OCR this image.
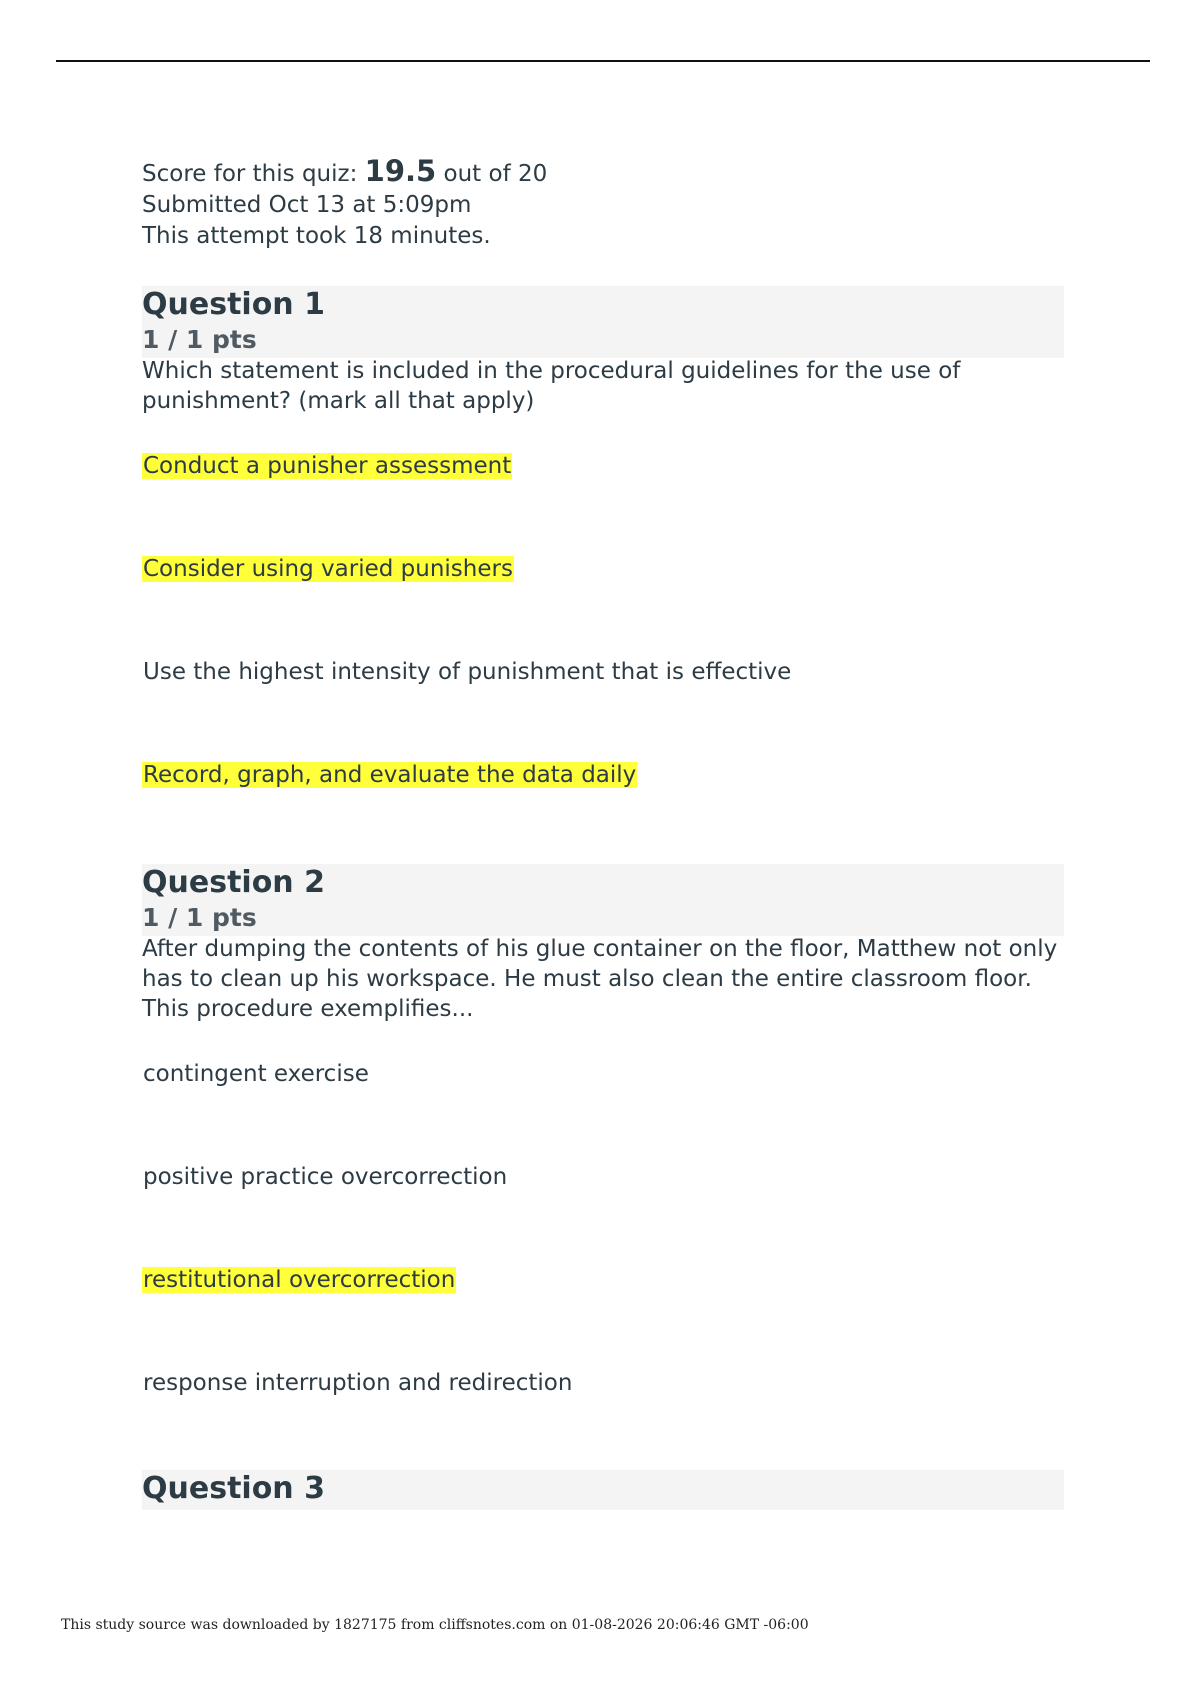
Score for this quiz: 19.5 out of 20
Submitted Oct 13 at 5:09pm
This attempt took 18 minutes.
Question 1
1 / 1 pts
Which statement is included in the procedural guidelines for the use of punishment? (mark all that apply)
Conduct a punisher assessment
Consider using varied punishers
Use the highest intensity of punishment that is effective
Record, graph, and evaluate the data daily
Question 2
1 / 1 pts
After dumping the contents of his glue container on the floor, Matthew not only has to clean up his workspace. He must also clean the entire classroom floor. This procedure exemplifies...
contingent exercise
positive practice overcorrection
restitutional overcorrection
response interruption and redirection
Question 3
This study source was downloaded by 1827175 from cliffsnotes.com on 01-08-2026 20:06:46 GMT -06:00
